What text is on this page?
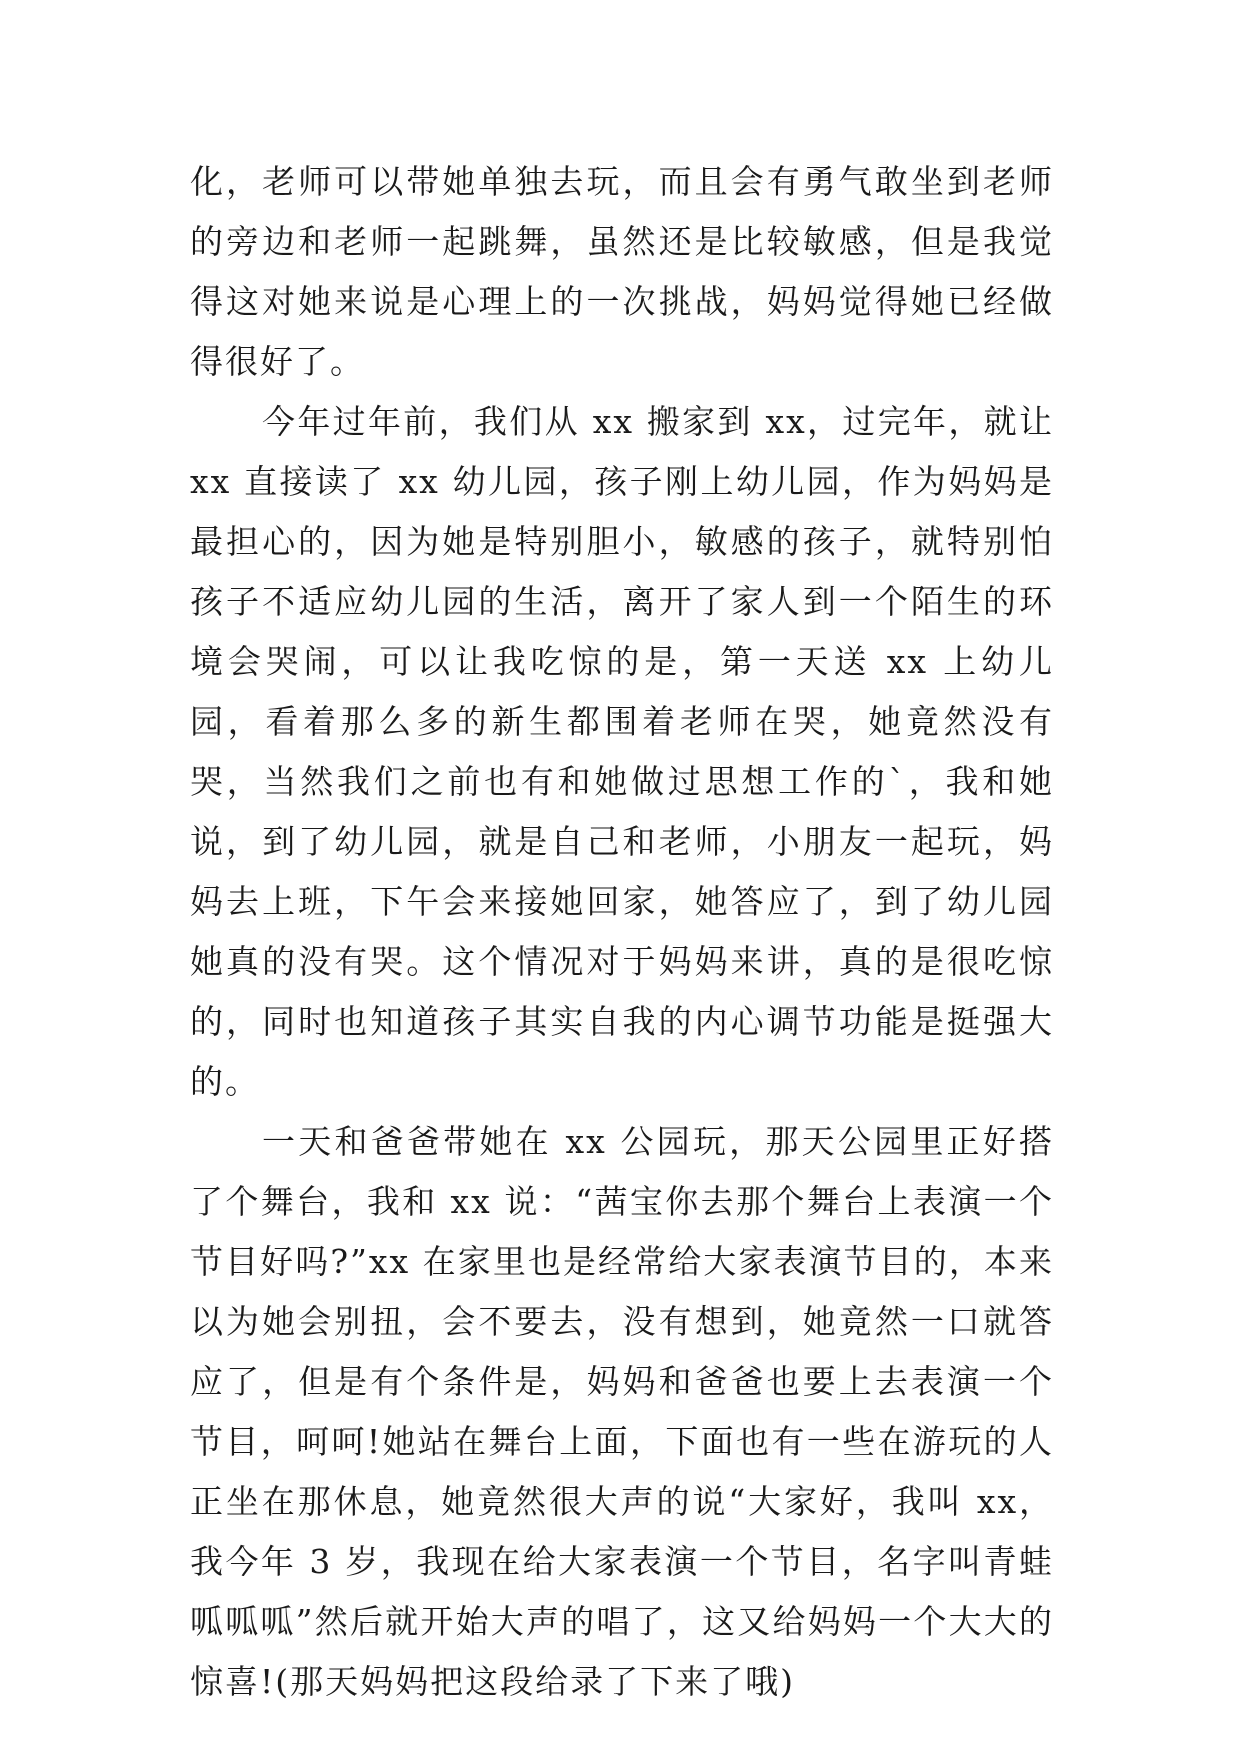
化，老师可以带她单独去玩，而且会有勇气敢坐到老师的旁边和老师一起跳舞，虽然还是比较敏感，但是我觉得这对她来说是心理上的一次挑战，妈妈觉得她已经做得很好了。

今年过年前，我们从 xx 搬家到 xx，过完年，就让 xx 直接读了 xx 幼儿园，孩子刚上幼儿园，作为妈妈是最担心的，因为她是特别胆小，敏感的孩子，就特别怕孩子不适应幼儿园的生活，离开了家人到一个陌生的环境会哭闹，可以让我吃惊的是，第一天送 xx 上幼儿园，看着那么多的新生都围着老师在哭，她竟然没有哭，当然我们之前也有和她做过思想工作的`，我和她说，到了幼儿园，就是自己和老师，小朋友一起玩，妈妈去上班，下午会来接她回家，她答应了，到了幼儿园她真的没有哭。这个情况对于妈妈来讲，真的是很吃惊的，同时也知道孩子其实自我的内心调节功能是挺强大的。

一天和爸爸带她在 xx 公园玩，那天公园里正好搭了个舞台，我和 xx 说：“茜宝你去那个舞台上表演一个节目好吗?”xx 在家里也是经常给大家表演节目的，本来以为她会别扭，会不要去，没有想到，她竟然一口就答应了，但是有个条件是，妈妈和爸爸也要上去表演一个节目，呵呵!她站在舞台上面，下面也有一些在游玩的人正坐在那休息，她竟然很大声的说“大家好，我叫 xx，我今年 3 岁，我现在给大家表演一个节目，名字叫青蛙呱呱呱”然后就开始大声的唱了，这又给妈妈一个大大的惊喜!(那天妈妈把这段给录了下来了哦)
